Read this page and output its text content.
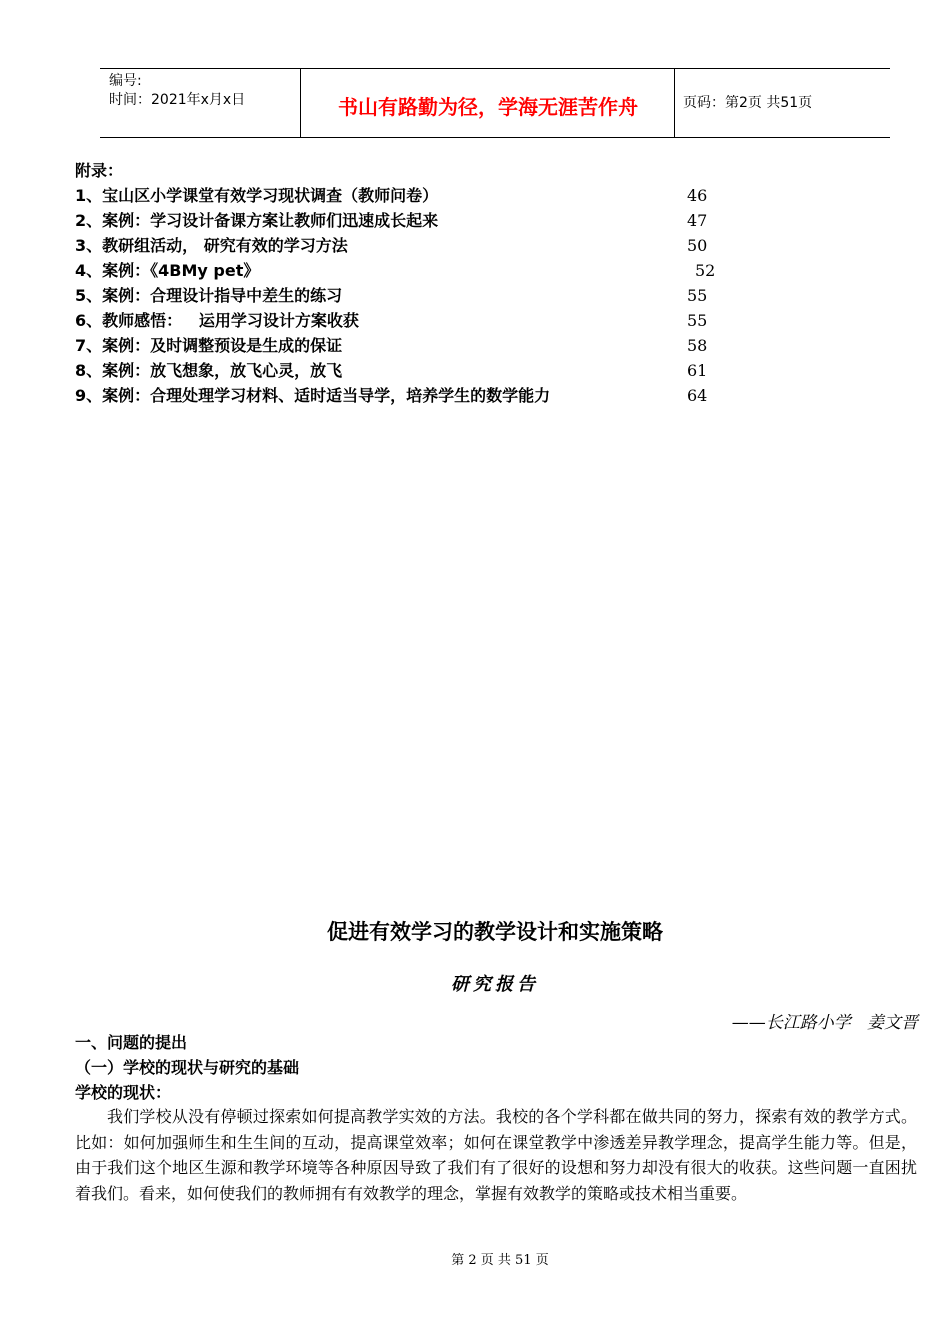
编号:
时间：2021年x月x日	书山有路勤为径，学海无涯苦作舟	页码：第2页 共51页
附录：
1、宝山区小学课堂有效学习现状调查（教师问卷）	46
2、案例：学习设计备课方案让教师们迅速成长起来	47
3、教研组活动， 研究有效的学习方法	50
4、案例：《4BMy pet》	52
5、案例：合理设计指导中差生的练习	55
6、教师感悟：   运用学习设计方案收获	55
7、案例：及时调整预设是生成的保证	58
8、案例：放飞想象，放飞心灵，放飞	61
9、案例：合理处理学习材料、适时适当导学，培养学生的数学能力	64
促进有效学习的教学设计和实施策略
研究报告
——长江路小学   姜文晋
一、问题的提出
（一）学校的现状与研究的基础
学校的现状：
我们学校从没有停顿过探索如何提高教学实效的方法。我校的各个学科都在做共同的努力，探索有效的教学方式。比如：如何加强师生和生生间的互动，提高课堂效率；如何在课堂教学中渗透差异教学理念，提高学生能力等。但是，由于我们这个地区生源和教学环境等各种原因导致了我们有了很好的设想和努力却没有很大的收获。这些问题一直困扰着我们。看来，如何使我们的教师拥有有效教学的理念，掌握有效教学的策略或技术相当重要。
第 2 页 共 51 页
